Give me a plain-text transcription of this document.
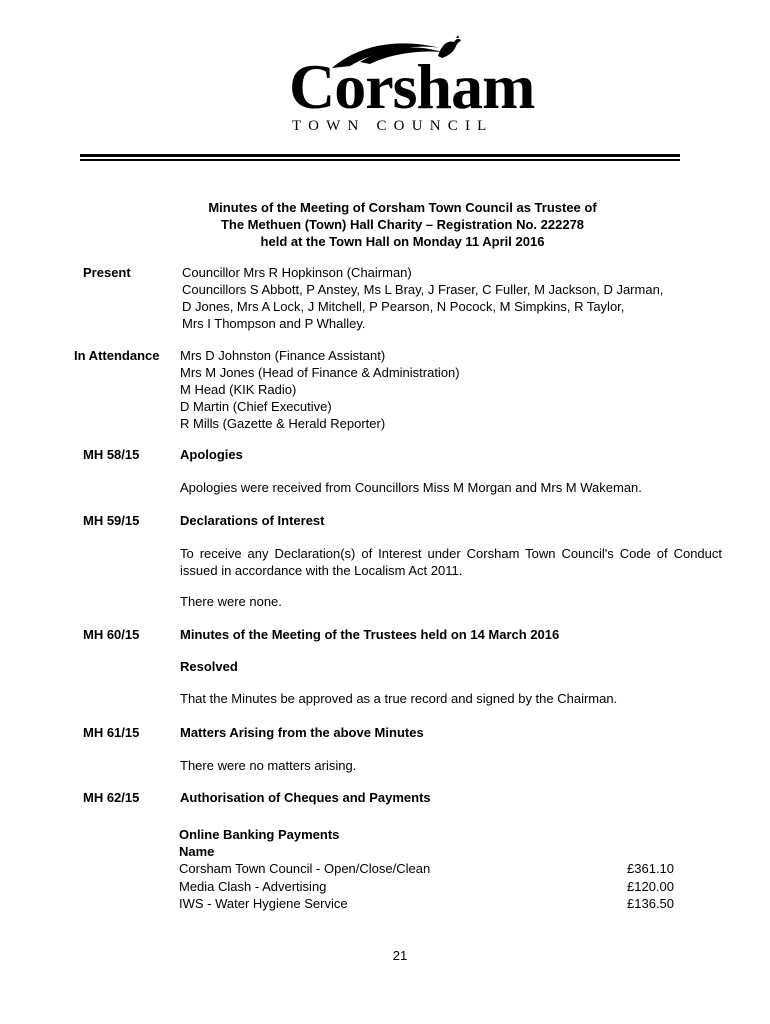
Corsham
TOWN COUNCIL
Minutes of the Meeting of Corsham Town Council as Trustee of
The Methuen (Town) Hall Charity – Registration No. 222278
held at the Town Hall on Monday 11 April 2016
Present	Councillor Mrs R Hopkinson (Chairman)
Councillors S Abbott, P Anstey, Ms L Bray, J Fraser, C Fuller, M Jackson, D Jarman,
D Jones, Mrs A Lock, J Mitchell, P Pearson, N Pocock, M Simpkins, R Taylor,
Mrs I Thompson and P Whalley.
In Attendance Mrs D Johnston (Finance Assistant)
Mrs M Jones (Head of Finance & Administration)
M Head (KIK Radio)
D Martin (Chief Executive)
R Mills (Gazette & Herald Reporter)
MH 58/15	Apologies
Apologies were received from Councillors Miss M Morgan and Mrs M Wakeman.
MH 59/15	Declarations of Interest
To receive any Declaration(s) of Interest under Corsham Town Council's Code of Conduct issued in accordance with the Localism Act 2011.
There were none.
MH 60/15	Minutes of the Meeting of the Trustees held on 14 March 2016
Resolved
That the Minutes be approved as a true record and signed by the Chairman.
MH 61/15	Matters Arising from the above Minutes
There were no matters arising.
MH 62/15	Authorisation of Cheques and Payments
Online Banking Payments
Name
Corsham Town Council - Open/Close/Clean	£361.10
Media Clash - Advertising	£120.00
IWS - Water Hygiene Service	£136.50
21
